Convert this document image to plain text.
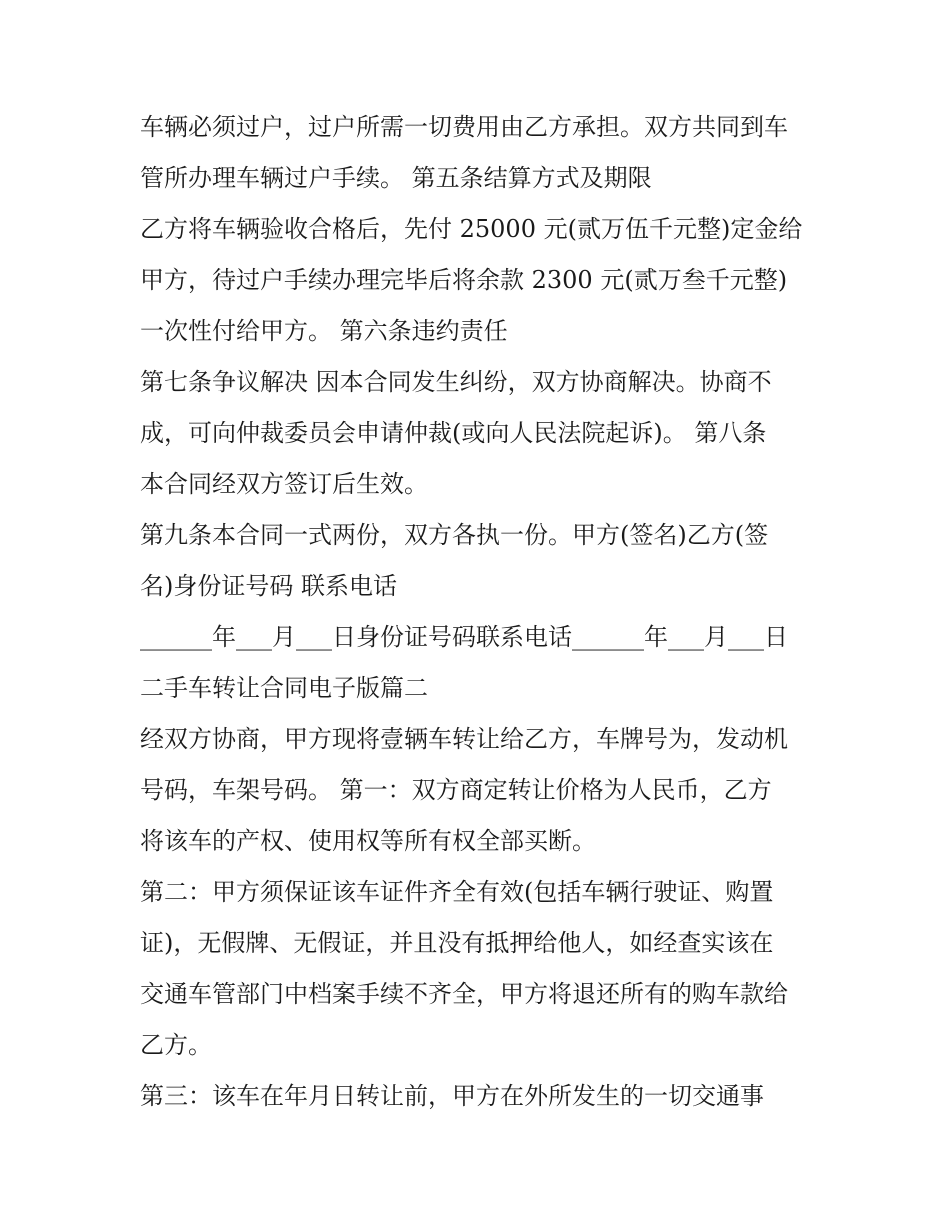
车辆必须过户，过户所需一切费用由乙方承担。双方共同到车
管所办理车辆过户手续。 第五条结算方式及期限
乙方将车辆验收合格后，先付 25000 元(贰万伍千元整)定金给
甲方，待过户手续办理完毕后将余款 2300 元(贰万叁千元整)
一次性付给甲方。 第六条违约责任
第七条争议解决 因本合同发生纠纷，双方协商解决。协商不
成，可向仲裁委员会申请仲裁(或向人民法院起诉)。 第八条
本合同经双方签订后生效。
第九条本合同一式两份，双方各执一份。甲方(签名)乙方(签
名)身份证号码 联系电话
______年___月___日身份证号码联系电话______年___月___日
二手车转让合同电子版篇二
经双方协商，甲方现将壹辆车转让给乙方，车牌号为，发动机
号码，车架号码。 第一：双方商定转让价格为人民币，乙方
将该车的产权、使用权等所有权全部买断。
第二：甲方须保证该车证件齐全有效(包括车辆行驶证、购置
证)，无假牌、无假证，并且没有抵押给他人，如经查实该在
交通车管部门中档案手续不齐全，甲方将退还所有的购车款给
乙方。
第三：该车在年月日转让前，甲方在外所发生的一切交通事
